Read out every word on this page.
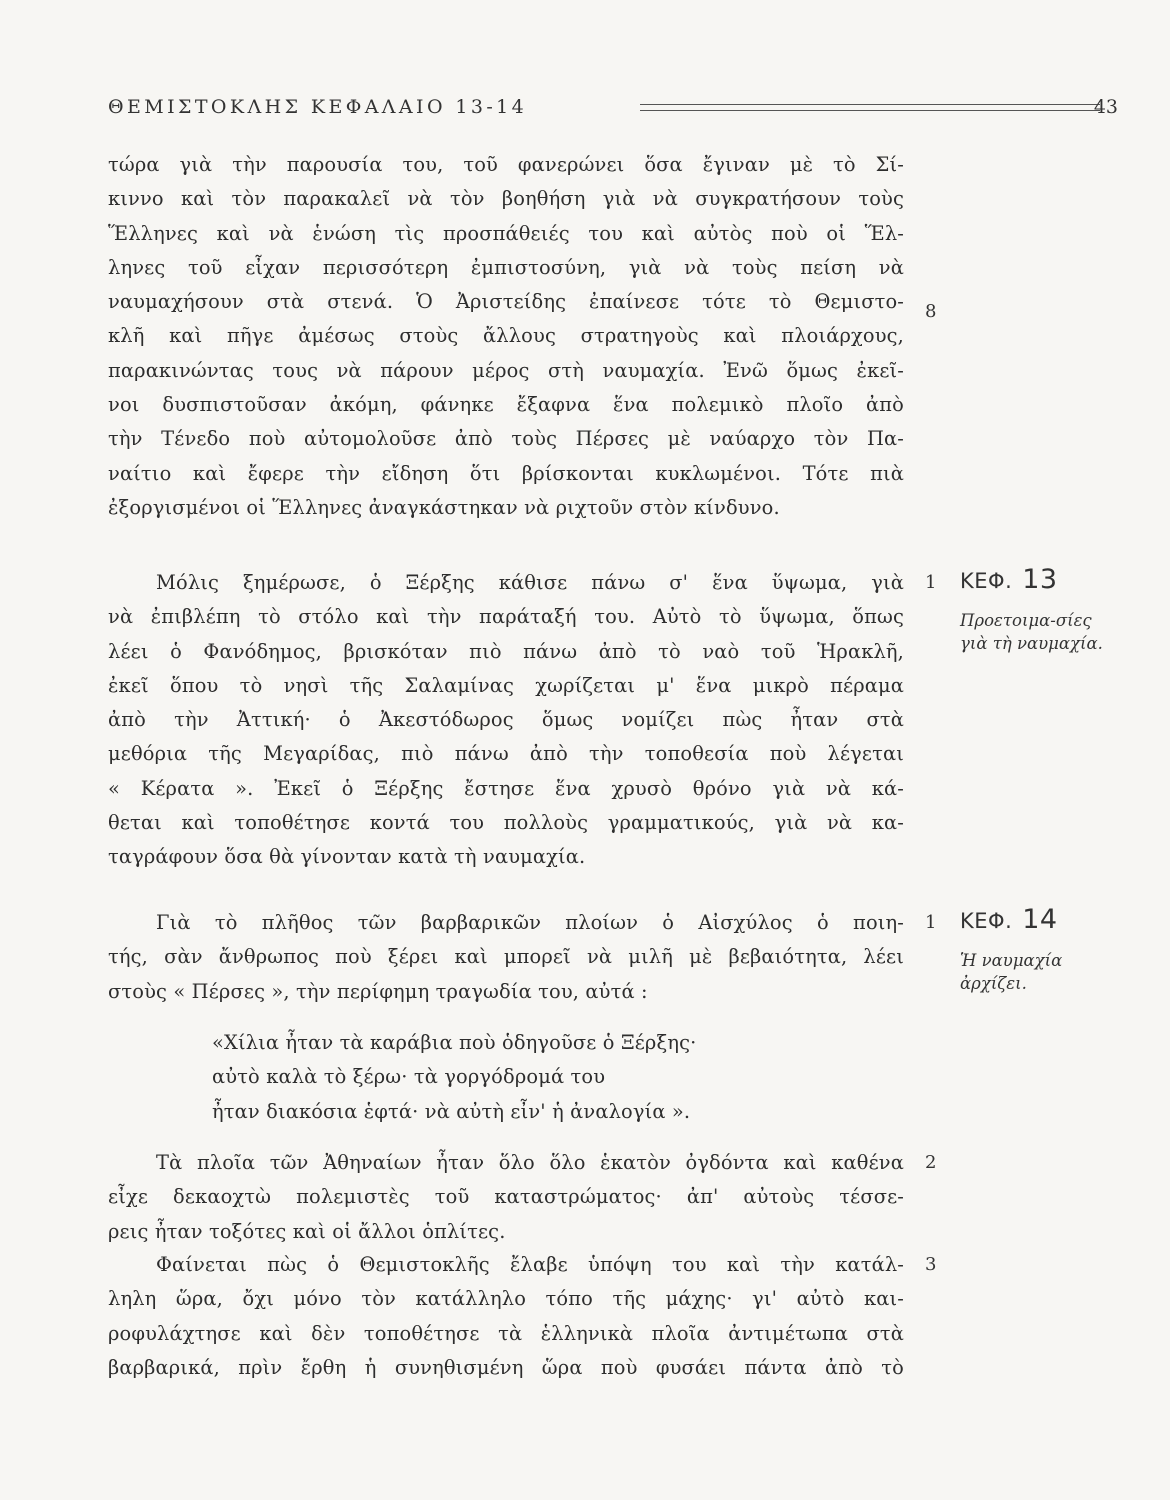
ΘΕΜΙΣΤΟΚΛΗΣ ΚΕΦΑΛΑΙΟ 13-14	43
τώρα γιὰ τὴν παρουσία του, τοῦ φανερώνει ὅσα ἔγιναν μὲ τὸ Σί-
κιννο καὶ τὸν παρακαλεῖ νὰ τὸν βοηθήση γιὰ νὰ συγκρατήσουν τοὺς
Ἕλληνες καὶ νὰ ἑνώση τὶς προσπάθειές του καὶ αὐτὸς ποὺ οἱ Ἕλ-
ληνες τοῦ εἶχαν περισσότερη ἐμπιστοσύνη, γιὰ νὰ τοὺς πείση νὰ
ναυμαχήσουν στὰ στενά. Ὁ Ἀριστείδης ἐπαίνεσε τότε τὸ Θεμιστο-
κλῆ καὶ πῆγε ἀμέσως στοὺς ἄλλους στρατηγοὺς καὶ πλοιάρχους,
παρακινώντας τους νὰ πάρουν μέρος στὴ ναυμαχία. Ἐνῶ ὅμως ἐκεῖ-
νοι δυσπιστοῦσαν ἀκόμη, φάνηκε ἔξαφνα ἕνα πολεμικὸ πλοῖο ἀπὸ
τὴν Τένεδο ποὺ αὐτομολοῦσε ἀπὸ τοὺς Πέρσες μὲ ναύαρχο τὸν Πα-
ναίτιο καὶ ἔφερε τὴν εἴδηση ὅτι βρίσκονται κυκλωμένοι. Τότε πιὰ
ἐξοργισμένοι οἱ Ἕλληνες ἀναγκάστηκαν νὰ ριχτοῦν στὸν κίνδυνο.
Μόλις ξημέρωσε, ὁ Ξέρξης κάθισε πάνω σ' ἕνα ὕψωμα, γιὰ
νὰ ἐπιβλέπη τὸ στόλο καὶ τὴν παράταξή του. Αὐτὸ τὸ ὕψωμα, ὅπως
λέει ὁ Φανόδημος, βρισκόταν πιὸ πάνω ἀπὸ τὸ ναὸ τοῦ Ἡρακλῆ,
ἐκεῖ ὅπου τὸ νησὶ τῆς Σαλαμίνας χωρίζεται μ' ἕνα μικρὸ πέραμα
ἀπὸ τὴν Ἀττική· ὁ Ἀκεστόδωρος ὅμως νομίζει πὼς ἦταν στὰ
μεθόρια τῆς Μεγαρίδας, πιὸ πάνω ἀπὸ τὴν τοποθεσία ποὺ λέγεται
« Κέρατα ». Ἐκεῖ ὁ Ξέρξης ἔστησε ἕνα χρυσὸ θρόνο γιὰ νὰ κά-
θεται καὶ τοποθέτησε κοντά του πολλοὺς γραμματικούς, γιὰ νὰ κα-
ταγράφουν ὅσα θὰ γίνονταν κατὰ τὴ ναυμαχία.
Γιὰ τὸ πλῆθος τῶν βαρβαρικῶν πλοίων ὁ Αἰσχύλος ὁ ποιη-
τής, σὰν ἄνθρωπος ποὺ ξέρει καὶ μπορεῖ νὰ μιλῆ μὲ βεβαιότητα, λέει
στοὺς « Πέρσες », τὴν περίφημη τραγωδία του, αὐτά :
«Χίλια ἦταν τὰ καράβια ποὺ ὁδηγοῦσε ὁ Ξέρξης·
αὐτὸ καλὰ τὸ ξέρω· τὰ γοργόδρομά του
ἦταν διακόσια ἑφτά· νὰ αὐτὴ εἶν' ἡ ἀναλογία ».
Τὰ πλοῖα τῶν Ἀθηναίων ἦταν ὅλο ὅλο ἑκατὸν ὀγδόντα καὶ καθένα
εἶχε δεκαοχτὼ πολεμιστὲς τοῦ καταστρώματος· ἀπ' αὐτοὺς τέσσε-
ρεις ἦταν τοξότες καὶ οἱ ἄλλοι ὁπλίτες.
Φαίνεται πὼς ὁ Θεμιστοκλῆς ἔλαβε ὑπόψη του καὶ τὴν κατάλ-
ληλη ὥρα, ὄχι μόνο τὸν κατάλληλο τόπο τῆς μάχης· γι' αὐτὸ και-
ροφυλάχτησε καὶ δὲν τοποθέτησε τὰ ἑλληνικὰ πλοῖα ἀντιμέτωπα στὰ
βαρβαρικά, πρὶν ἔρθη ἡ συνηθισμένη ὥρα ποὺ φυσάει πάντα ἀπὸ τὸ
8
1
1
2
3
ΚΕΦ. 13
Προετοιμα-σίες γιὰ τὴ ναυμαχία.
ΚΕΦ. 14
Ἡ ναυμαχία ἀρχίζει.
